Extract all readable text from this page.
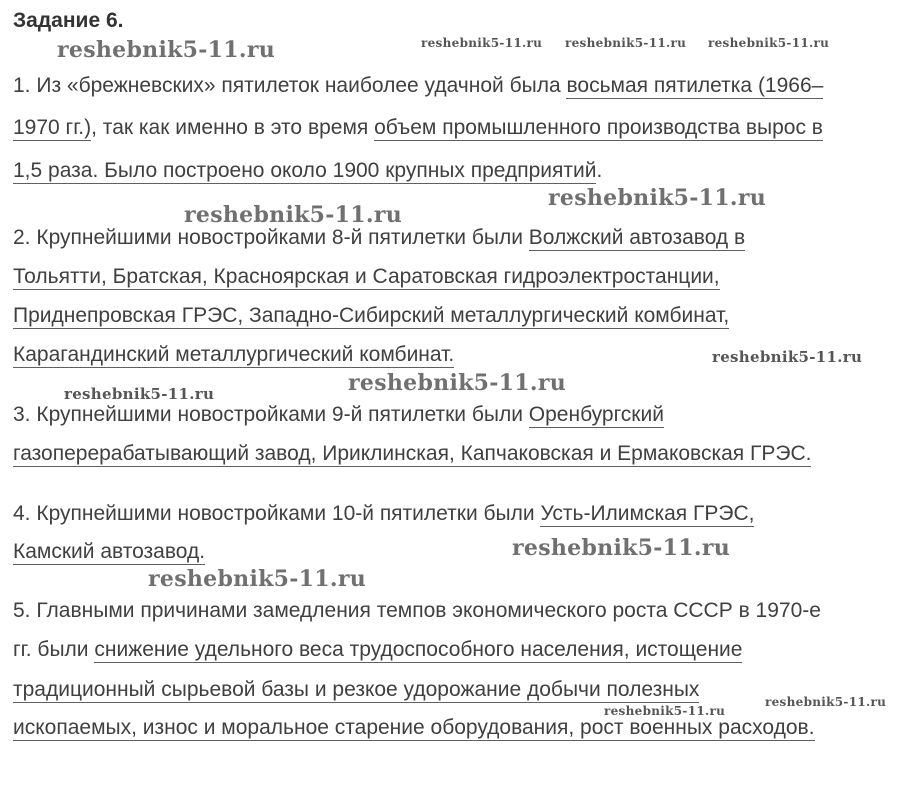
Задание 6.
1. Из «брежневских» пятилеток наиболее удачной была восьмая пятилетка (1966–
1970 гг.), так как именно в это время объем промышленного производства вырос в
1,5 раза. Было построено около 1900 крупных предприятий.
2. Крупнейшими новостройками 8-й пятилетки были Волжский автозавод в
Тольятти, Братская, Красноярская и Саратовская гидроэлектростанции,
Приднепровская ГРЭС, Западно-Сибирский металлургический комбинат,
Карагандинский металлургический комбинат.
3. Крупнейшими новостройками 9-й пятилетки были Оренбургский
газоперерабатывающий завод, Ириклинская, Капчаковская и Ермаковская ГРЭС.
4. Крупнейшими новостройками 10-й пятилетки были Усть-Илимская ГРЭС,
Камский автозавод.
5. Главными причинами замедления темпов экономического роста СССР в 1970-е
гг. были снижение удельного веса трудоспособного населения, истощение
традиционный сырьевой базы и резкое удорожание добычи полезных
ископаемых, износ и моральное старение оборудования, рост военных расходов.
reshebnik5-11.ru	reshebnik5-11.ru reshebnik5-11.ru reshebnik5-11.ru
reshebnik5-11.ru
reshebnik5-11.ru
reshebnik5-11.ru
reshebnik5-11.ru
reshebnik5-11.ru
reshebnik5-11.ru
reshebnik5-11.ru
reshebnik5-11.ru
reshebnik5-11.ru
